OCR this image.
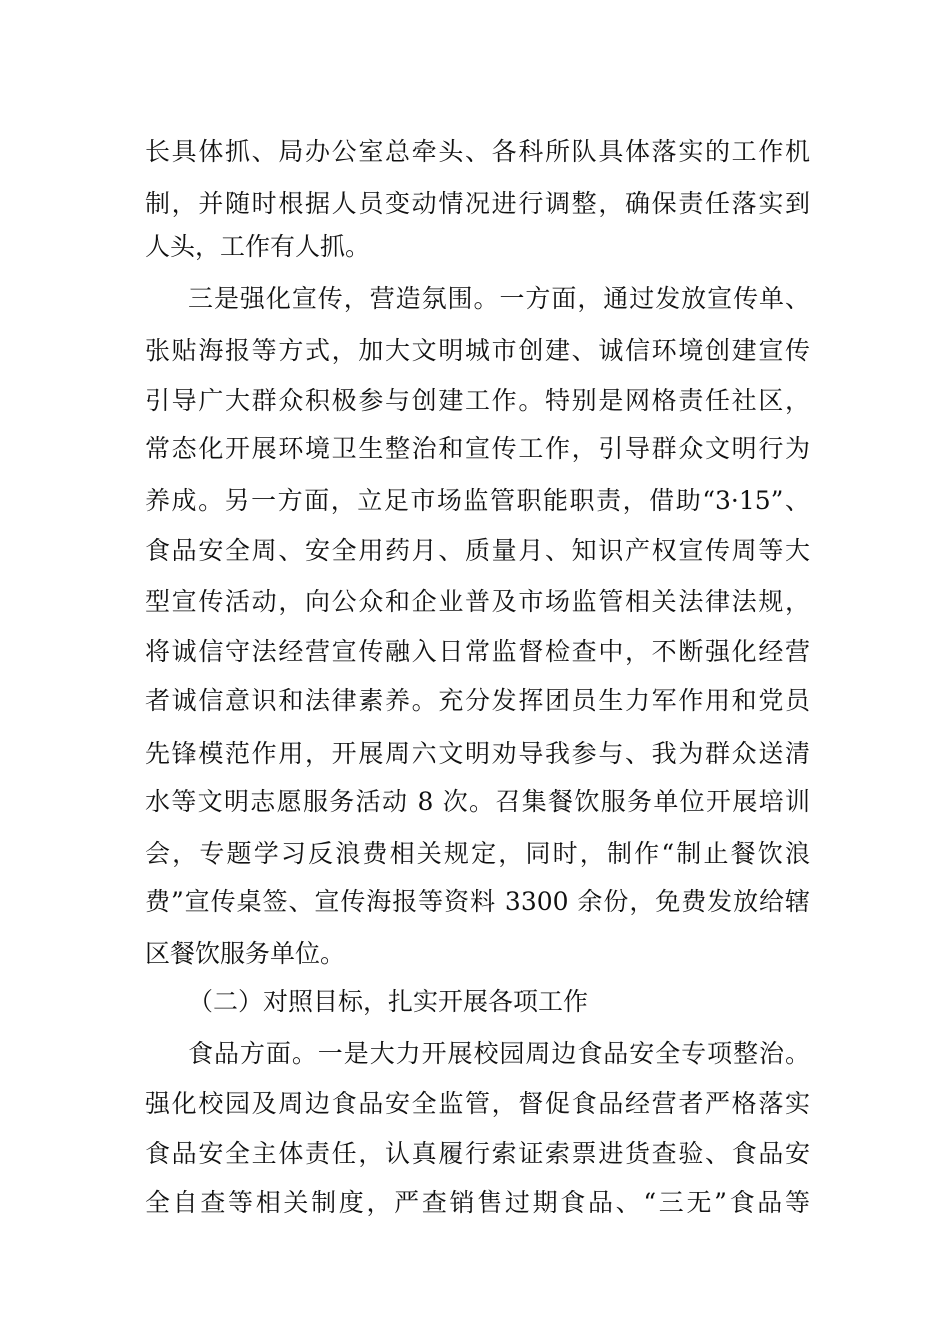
长具体抓、局办公室总牵头、各科所队具体落实的工作机
制，并随时根据人员变动情况进行调整，确保责任落实到
人头，工作有人抓。
三是强化宣传，营造氛围。一方面，通过发放宣传单、
张贴海报等方式，加大文明城市创建、诚信环境创建宣传
引导广大群众积极参与创建工作。特别是网格责任社区，
常态化开展环境卫生整治和宣传工作，引导群众文明行为
养成。另一方面，立足市场监管职能职责，借助“3·15”、
食品安全周、安全用药月、质量月、知识产权宣传周等大
型宣传活动，向公众和企业普及市场监管相关法律法规，
将诚信守法经营宣传融入日常监督检查中，不断强化经营
者诚信意识和法律素养。充分发挥团员生力军作用和党员
先锋模范作用，开展周六文明劝导我参与、我为群众送清
水等文明志愿服务活动 8 次。召集餐饮服务单位开展培训
会，专题学习反浪费相关规定，同时，制作“制止餐饮浪
费”宣传桌签、宣传海报等资料 3300 余份，免费发放给辖
区餐饮服务单位。
（二）对照目标，扎实开展各项工作
食品方面。一是大力开展校园周边食品安全专项整治。
强化校园及周边食品安全监管，督促食品经营者严格落实
食品安全主体责任，认真履行索证索票进货查验、食品安
全自查等相关制度，严查销售过期食品、“三无”食品等
